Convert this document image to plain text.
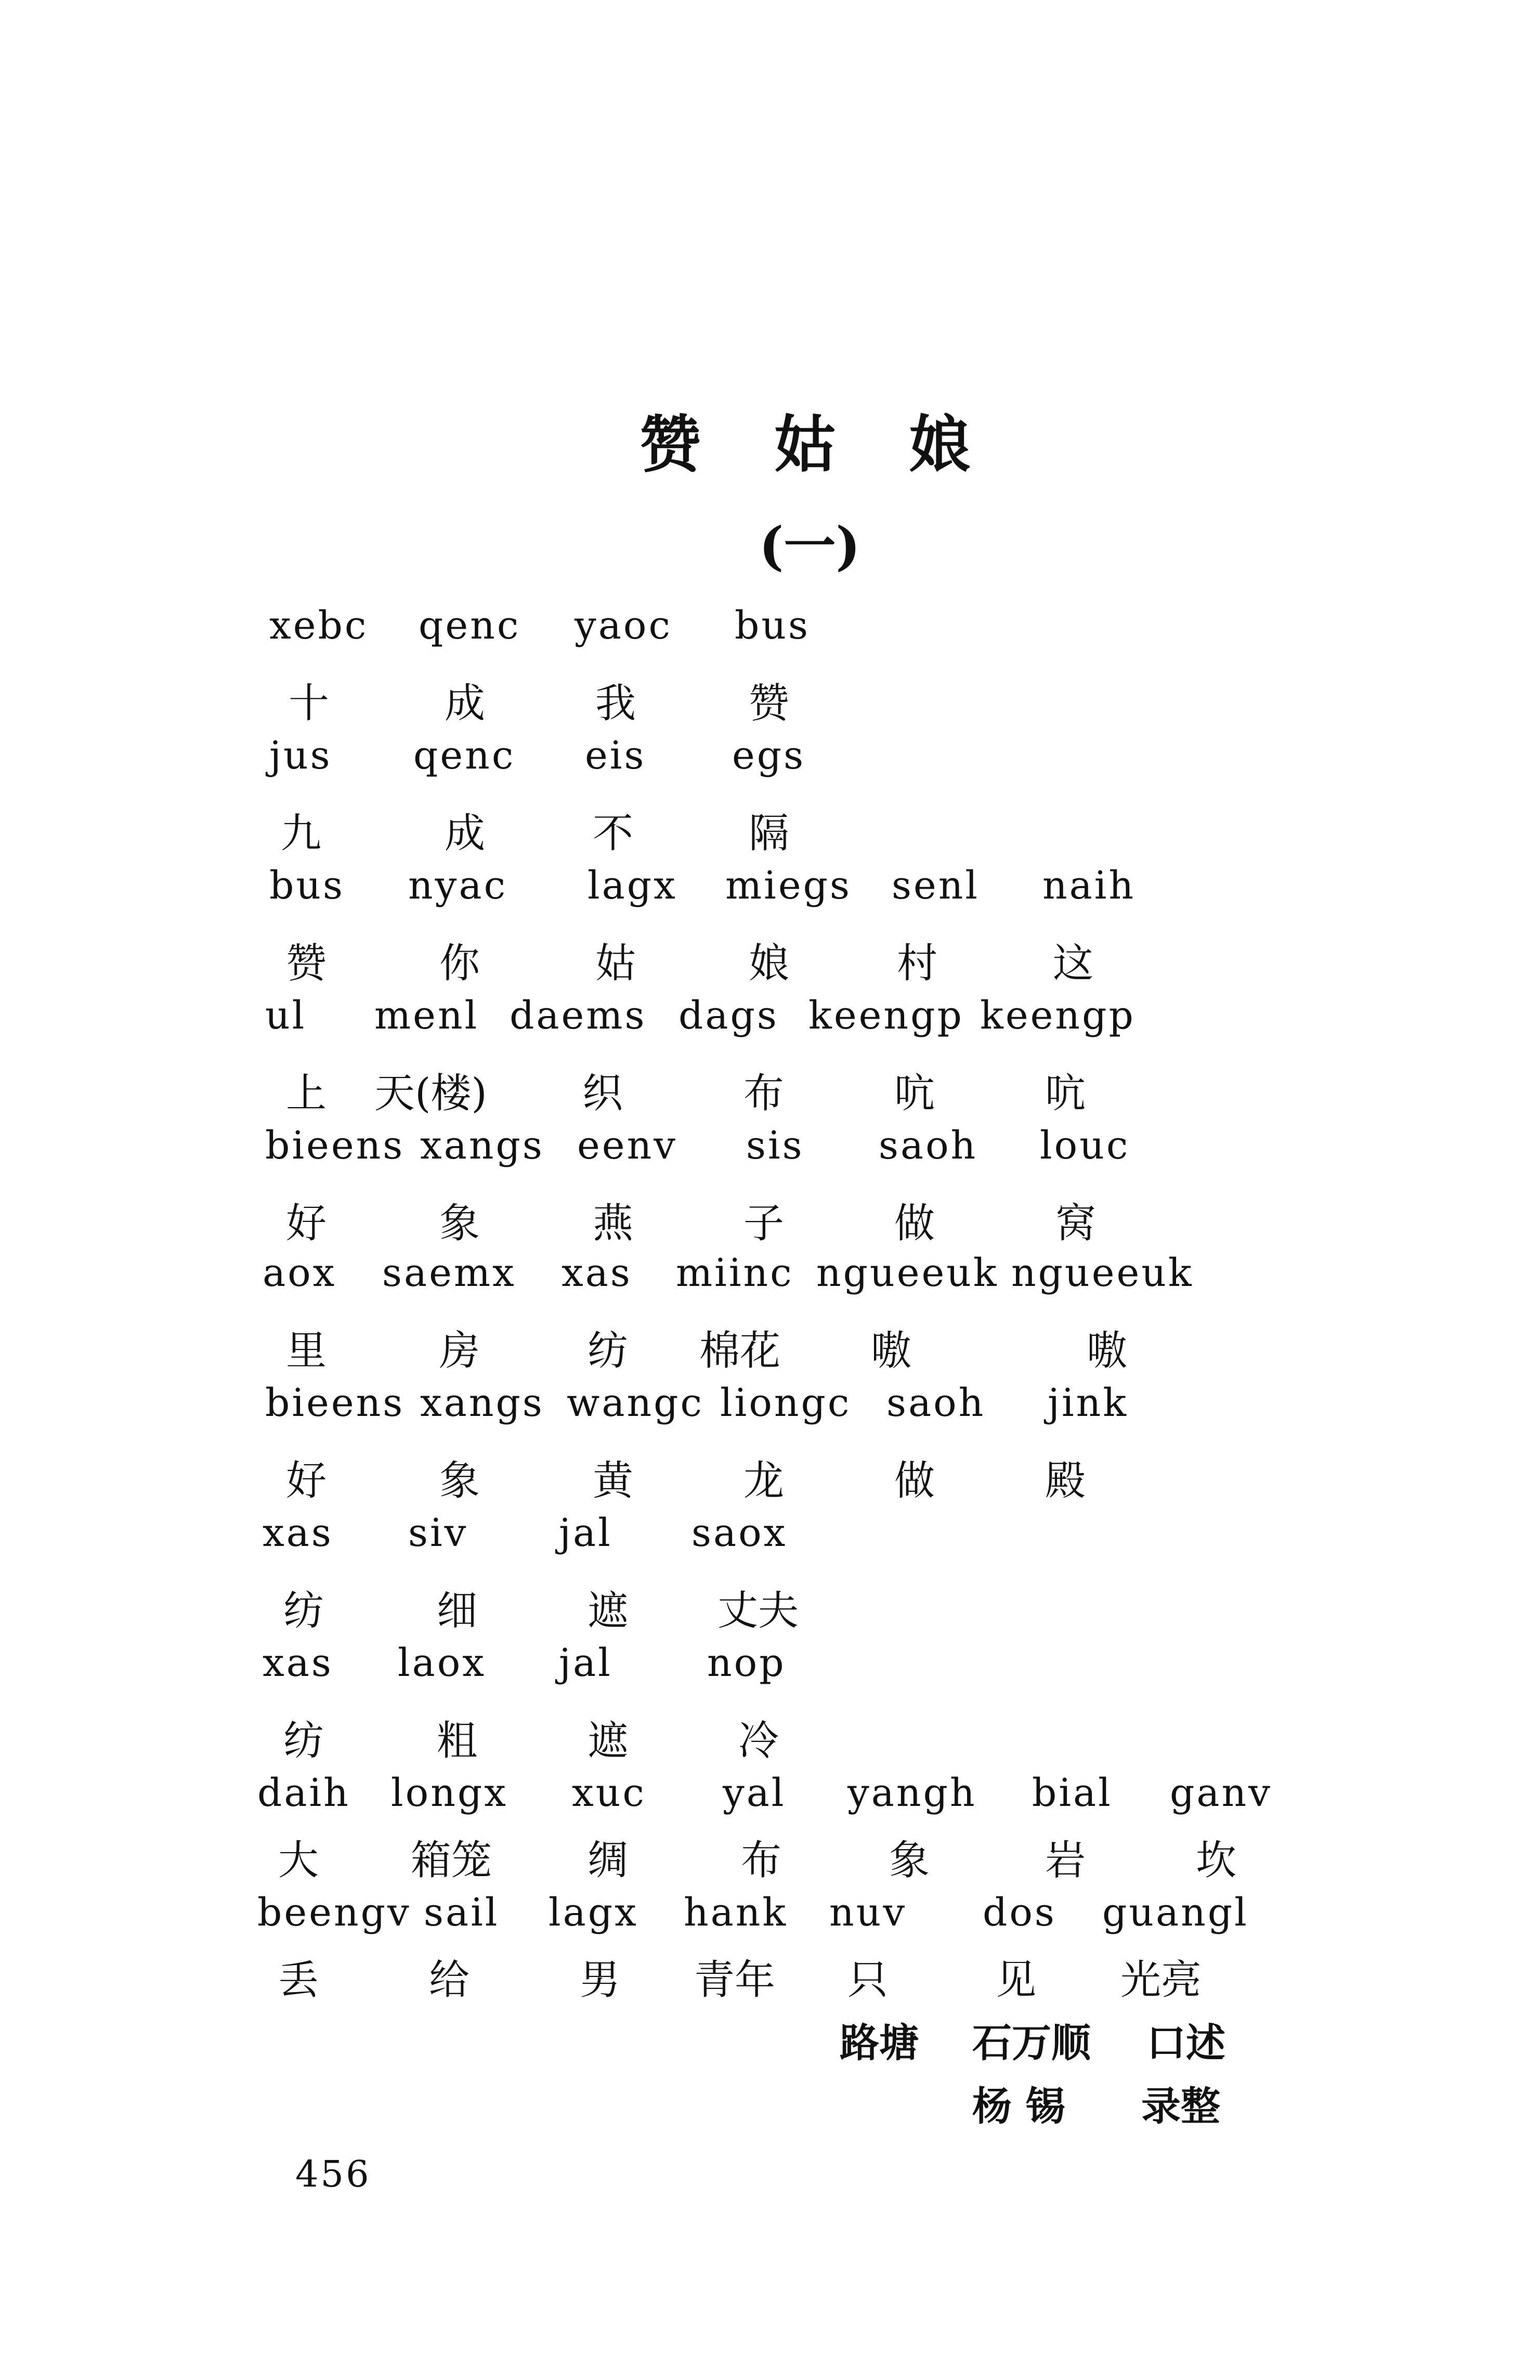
赞 姑 娘
(一)
xebc qenc yaoc bus
十	成	我	赞
jus qenc eis egs
九	成	不	隔
bus nyac lagx miegs senl naih
赞	你	姑	娘	村	这
ul menl daems dags keengp keengp
上 天(楼) 织	布	吭	吭
bieens xangs eenv sis saoh louc
好	象	燕	子	做	窝
aox saemx xas miinc ngueeuk ngueeuk
里	房	纺 棉花 嗷	嗷
bieens xangs wangc liongc saoh jink
好	象	黄	龙	做	殿
xas siv jal saox
纺	细	遮 丈夫
xas laox jal nop
纺	粗	遮	冷
daih longx xuc yal yangh bial ganv
大 箱笼 绸	布	象	岩	坎
beengv sail lagx hank nuv dos guangl
丢	给	男 青年 只	见 光亮
路塘 石万顺 口述
杨 锡 录整
456
